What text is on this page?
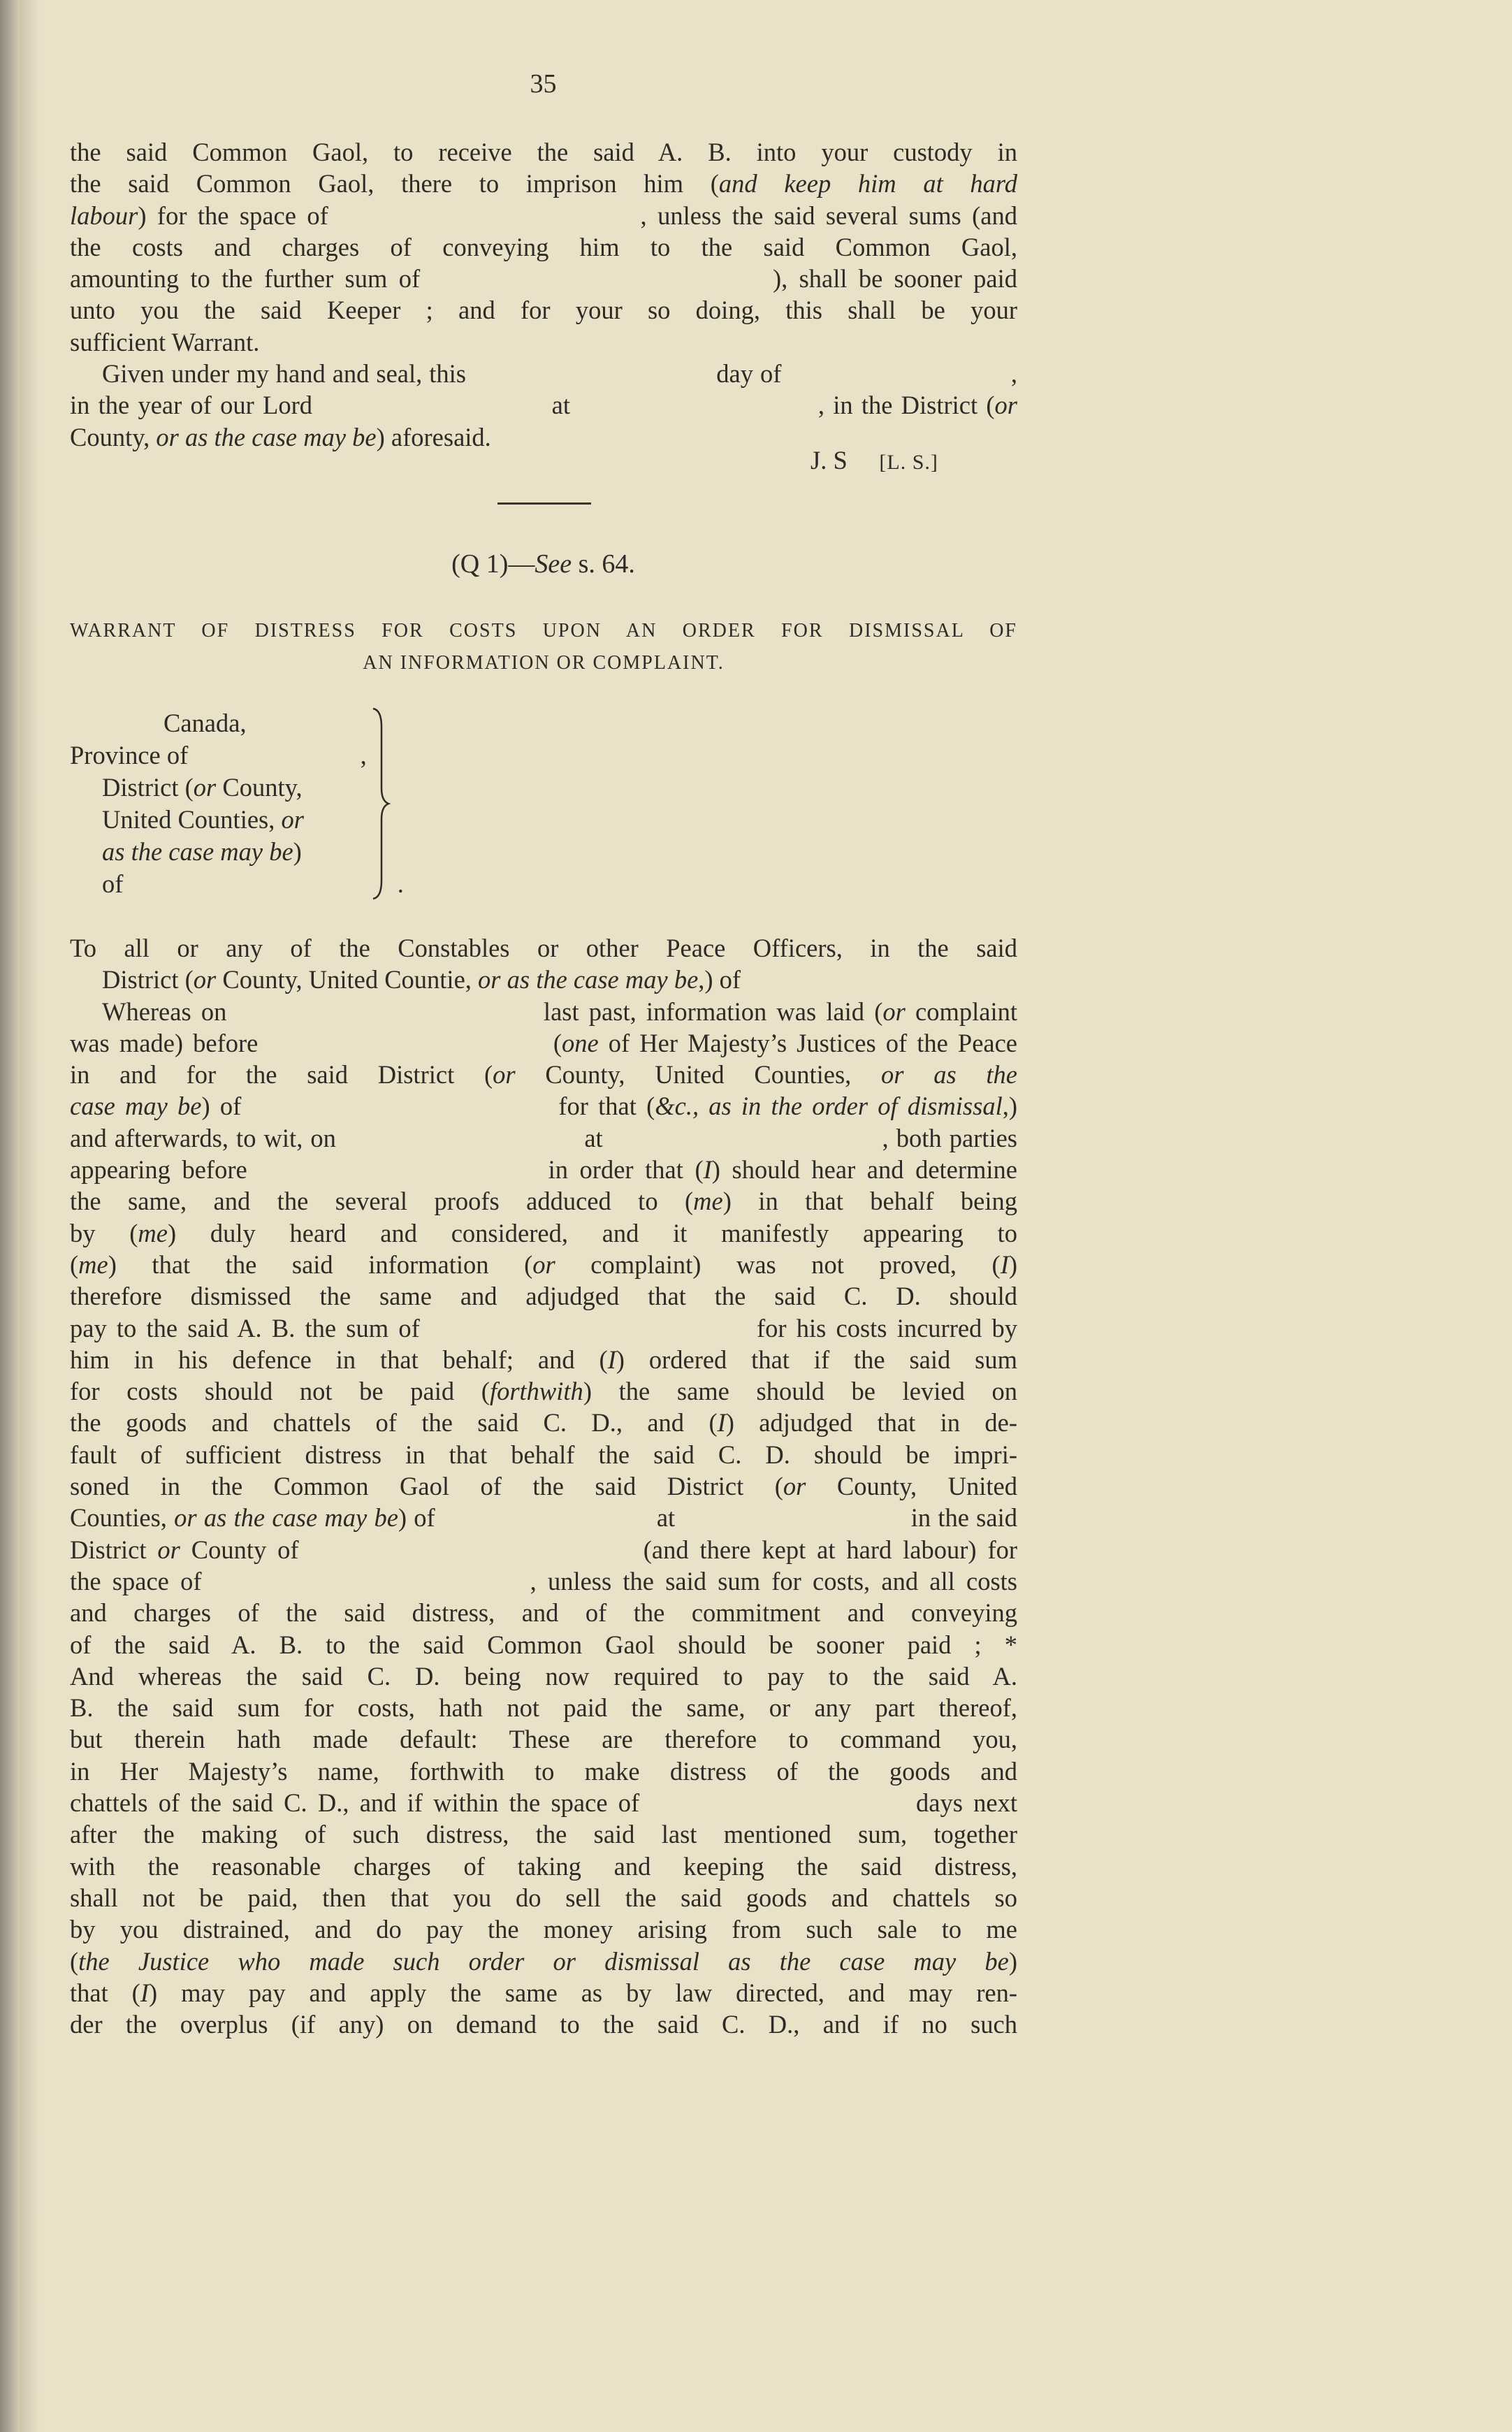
35
the said Common Gaol, to receive the said A. B. into your custody in
the said Common Gaol, there to imprison him (and keep him at hard
labour) for the space of                             , unless the said several sums (and
the costs and charges of conveying him to the said Common Gaol,
amounting to the further sum of                               ), shall be sooner paid
unto you the said Keeper ; and for your so doing, this shall be your
sufficient Warrant.
Given under my hand and seal, this                                    day of                                 ,
in the year of our Lord                            at                             , in the District (or
County, or as the case may be) aforesaid.
J. S [L. S.]
(Q 1)—See s. 64.
WARRANT OF DISTRESS FOR COSTS UPON AN ORDER FOR DISMISSAL OF
AN INFORMATION OR COMPLAINT.
Canada,
Province of                           ,
District (or County,
United Counties, or
as the case may be)
of                                           .
To all or any of the Constables or other Peace Officers, in the said
District (or County, United Countie, or as the case may be,) of
Whereas on                                last past, information was laid (or complaint
was made) before                              (one of Her Majesty’s Justices of the Peace
in and for the said District (or County, United Counties, or as the
case may be) of                                for that (&c., as in the order of dismissal,)
and afterwards, to wit, on                                at                                    , both parties
appearing before                          in order that (I) should hear and determine
the same, and the several proofs adduced to (me) in that behalf being
by (me) duly heard and considered, and it manifestly appearing to
(me) that the said information (or complaint) was not proved, (I)
therefore dismissed the same and adjudged that the said C. D. should
pay to the said A. B. the sum of                                  for his costs incurred by
him in his defence in that behalf; and (I) ordered that if the said sum
for costs should not be paid (forthwith) the same should be levied on
the goods and chattels of the said C. D., and (I) adjudged that in de-
fault of sufficient distress in that behalf the said C. D. should be impri-
soned in the Common Gaol of the said District (or County, United
Counties, or as the case may be) of                               at                                 in the said
District or County of                               (and there kept at hard labour) for
the space of                             , unless the said sum for costs, and all costs
and charges of the said distress, and of the commitment and conveying
of the said A. B. to the said Common Gaol should be sooner paid ; *
And whereas the said C. D. being now required to pay to the said A.
B. the said sum for costs, hath not paid the same, or any part thereof,
but therein hath made default: These are therefore to command you,
in Her Majesty’s name, forthwith to make distress of the goods and
chattels of the said C. D., and if within the space of                          days next
after the making of such distress, the said last mentioned sum, together
with the reasonable charges of taking and keeping the said distress,
shall not be paid, then that you do sell the said goods and chattels so
by you distrained, and do pay the money arising from such sale to me
(the Justice who made such order or dismissal as the case may be)
that (I) may pay and apply the same as by law directed, and may ren-
der the overplus (if any) on demand to the said C. D., and if no such
